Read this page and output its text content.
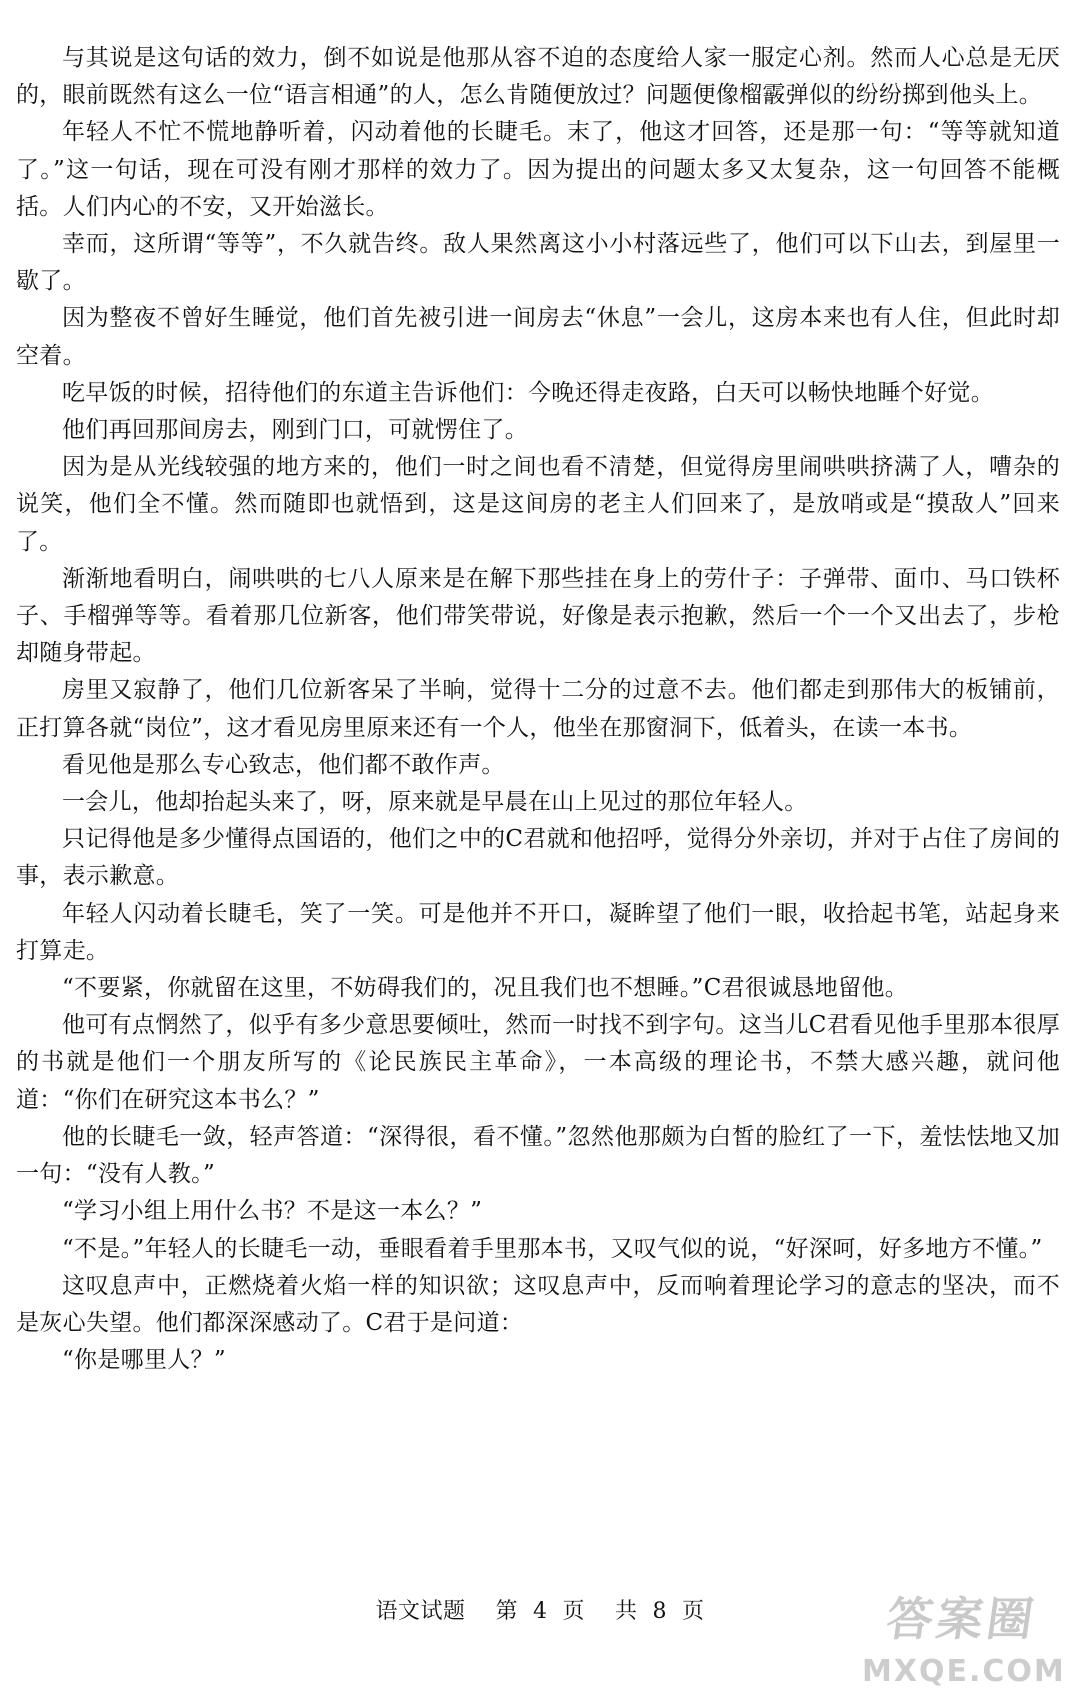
与其说是这句话的效力，倒不如说是他那从容不迫的态度给人家一服定心剂。然而人心总是无厌的，眼前既然有这么一位“语言相通”的人，怎么肯随便放过？问题便像榴霰弹似的纷纷掷到他头上。

年轻人不忙不慌地静听着，闪动着他的长睫毛。末了，他这才回答，还是那一句：“等等就知道了。”这一句话，现在可没有刚才那样的效力了。因为提出的问题太多又太复杂，这一句回答不能概括。人们内心的不安，又开始滋长。

幸而，这所谓“等等”，不久就告终。敌人果然离这小小村落远些了，他们可以下山去，到屋里一歇了。

因为整夜不曾好生睡觉，他们首先被引进一间房去“休息”一会儿，这房本来也有人住，但此时却空着。

吃早饭的时候，招待他们的东道主告诉他们：今晚还得走夜路，白天可以畅快地睡个好觉。

他们再回那间房去，刚到门口，可就愣住了。

因为是从光线较强的地方来的，他们一时之间也看不清楚，但觉得房里闹哄哄挤满了人，嘈杂的说笑，他们全不懂。然而随即也就悟到，这是这间房的老主人们回来了，是放哨或是“摸敌人”回来了。

渐渐地看明白，闹哄哄的七八人原来是在解下那些挂在身上的劳什子：子弹带、面巾、马口铁杯子、手榴弹等等。看着那几位新客，他们带笑带说，好像是表示抱歉，然后一个一个又出去了，步枪却随身带起。

房里又寂静了，他们几位新客呆了半晌，觉得十二分的过意不去。他们都走到那伟大的板铺前，正打算各就“岗位”，这才看见房里原来还有一个人，他坐在那窗洞下，低着头，在读一本书。

看见他是那么专心致志，他们都不敢作声。

一会儿，他却抬起头来了，呀，原来就是早晨在山上见过的那位年轻人。

只记得他是多少懂得点国语的，他们之中的C君就和他招呼，觉得分外亲切，并对于占住了房间的事，表示歉意。

年轻人闪动着长睫毛，笑了一笑。可是他并不开口，凝眸望了他们一眼，收拾起书笔，站起身来打算走。

“不要紧，你就留在这里，不妨碍我们的，况且我们也不想睡。”C君很诚恳地留他。

他可有点惘然了，似乎有多少意思要倾吐，然而一时找不到字句。这当儿C君看见他手里那本很厚的书就是他们一个朋友所写的《论民族民主革命》，一本高级的理论书，不禁大感兴趣，就问他道：“你们在研究这本书么？”

他的长睫毛一敛，轻声答道：“深得很，看不懂。”忽然他那颇为白皙的脸红了一下，羞怯怯地又加一句：“没有人教。”

“学习小组上用什么书？不是这一本么？”

“不是。”年轻人的长睫毛一动，垂眼看着手里那本书，又叹气似的说，“好深呵，好多地方不懂。”

这叹息声中，正燃烧着火焰一样的知识欲；这叹息声中，反而响着理论学习的意志的坚决，而不是灰心失望。他们都深深感动了。C君于是问道：

“你是哪里人？”

语文试题 第 4 页 共 8 页	答案圈
MXQE.COM
